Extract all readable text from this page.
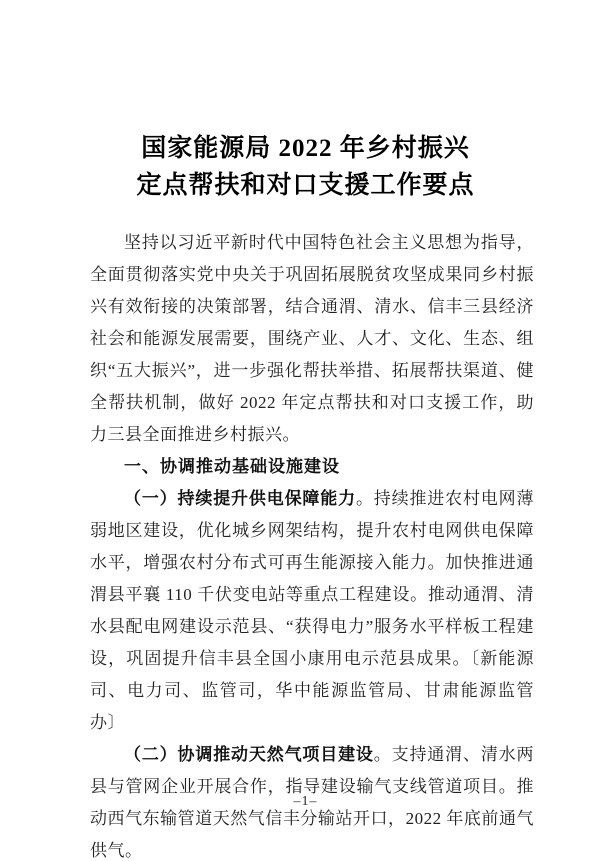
国家能源局 2022 年乡村振兴
定点帮扶和对口支援工作要点

坚持以习近平新时代中国特色社会主义思想为指导，全面贯彻落实党中央关于巩固拓展脱贫攻坚成果同乡村振兴有效衔接的决策部署，结合通渭、清水、信丰三县经济社会和能源发展需要，围绕产业、人才、文化、生态、组织“五大振兴”，进一步强化帮扶举措、拓展帮扶渠道、健全帮扶机制，做好 2022 年定点帮扶和对口支援工作，助力三县全面推进乡村振兴。

一、协调推动基础设施建设

（一）持续提升供电保障能力。持续推进农村电网薄弱地区建设，优化城乡网架结构，提升农村电网供电保障水平，增强农村分布式可再生能源接入能力。加快推进通渭县平襄 110 千伏变电站等重点工程建设。推动通渭、清水县配电网建设示范县、“获得电力”服务水平样板工程建设，巩固提升信丰县全国小康用电示范县成果。〔新能源司、电力司、监管司，华中能源监管局、甘肃能源监管办〕

（二）协调推动天然气项目建设。支持通渭、清水两县与管网企业开展合作，指导建设输气支线管道项目。推动西气东输管道天然气信丰分输站开口，2022 年底前通气供气。

–1–
